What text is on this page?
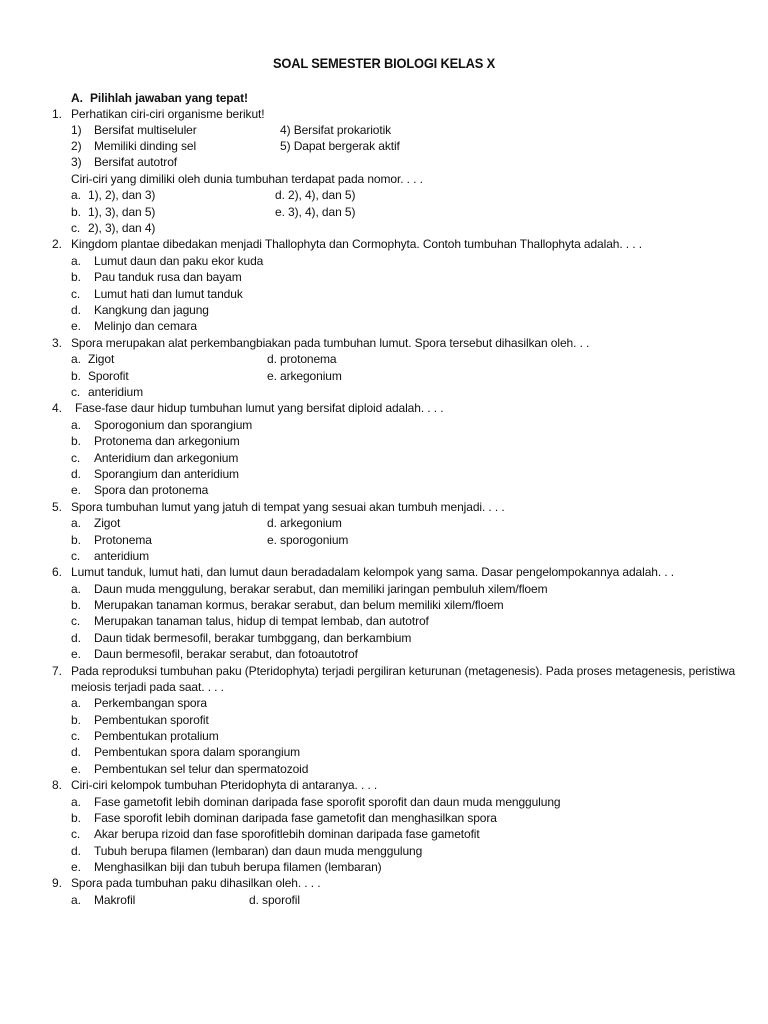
SOAL SEMESTER BIOLOGI KELAS X
A. Pilihlah jawaban yang tepat!
1. Perhatikan ciri-ciri organisme berikut!
1) Bersifat multiseluler	4) Bersifat prokariotik
2) Memiliki dinding sel	5) Dapat bergerak aktif
3) Bersifat autotrof
Ciri-ciri yang dimiliki oleh dunia tumbuhan terdapat pada nomor. . . .
a. 1), 2), dan 3)	d. 2), 4), dan 5)
b. 1), 3), dan 5)	e. 3), 4), dan 5)
c. 2), 3), dan 4)
2. Kingdom plantae dibedakan menjadi Thallophyta dan Cormophyta. Contoh tumbuhan Thallophyta adalah. . . .
a. Lumut daun dan paku ekor kuda
b. Pau tanduk rusa dan bayam
c. Lumut hati dan lumut tanduk
d. Kangkung dan jagung
e. Melinjo dan cemara
3. Spora merupakan alat perkembangbiakan pada tumbuhan lumut. Spora tersebut dihasilkan oleh. . .
a. Zigot	d. protonema
b. Sporofit	e. arkegonium
c. anteridium
4. Fase-fase daur hidup tumbuhan lumut yang bersifat diploid adalah. . . .
a. Sporogonium dan sporangium
b. Protonema dan arkegonium
c. Anteridium dan arkegonium
d. Sporangium dan anteridium
e. Spora dan protonema
5. Spora tumbuhan lumut yang jatuh di tempat yang sesuai akan tumbuh menjadi. . . .
a. Zigot	d. arkegonium
b. Protonema	e. sporogonium
c. anteridium
6. Lumut tanduk, lumut hati, dan lumut daun beradadalam kelompok yang sama. Dasar pengelompokannya adalah. . .
a. Daun muda menggulung, berakar serabut, dan memiliki jaringan pembuluh xilem/floem
b. Merupakan tanaman kormus, berakar serabut, dan belum memiliki xilem/floem
c. Merupakan tanaman talus, hidup di tempat lembab, dan autotrof
d. Daun tidak bermesofil, berakar tumbggang, dan berkambium
e. Daun bermesofil, berakar serabut, dan fotoautotrof
7. Pada reproduksi tumbuhan paku (Pteridophyta) terjadi pergiliran keturunan (metagenesis). Pada proses metagenesis, peristiwa
meiosis terjadi pada saat. . . .
a. Perkembangan spora
b. Pembentukan sporofit
c. Pembentukan protalium
d. Pembentukan spora dalam sporangium
e. Pembentukan sel telur dan spermatozoid
8. Ciri-ciri kelompok tumbuhan Pteridophyta di antaranya. . . .
a. Fase gametofit lebih dominan daripada fase sporofit sporofit dan daun muda menggulung
b. Fase sporofit lebih dominan daripada fase gametofit dan menghasilkan spora
c. Akar berupa rizoid dan fase sporofitlebih dominan daripada fase gametofit
d. Tubuh berupa filamen (lembaran) dan daun muda menggulung
e. Menghasilkan biji dan tubuh berupa filamen (lembaran)
9. Spora pada tumbuhan paku dihasilkan oleh. . . .
a. Makrofil	d. sporofil
